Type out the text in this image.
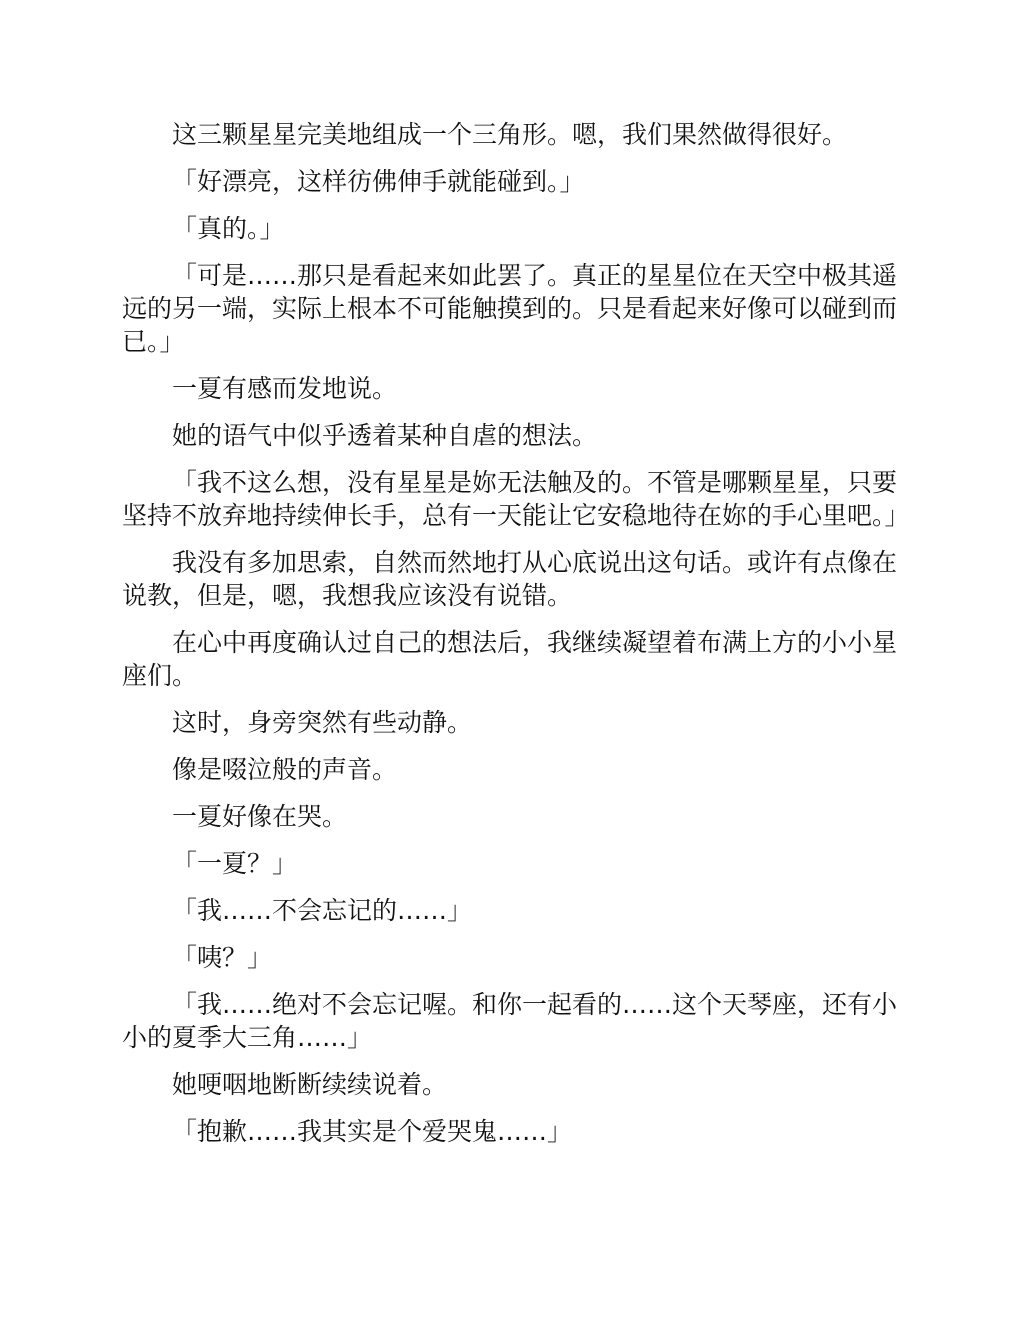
这三颗星星完美地组成一个三角形。嗯，我们果然做得很好。

「好漂亮，这样彷佛伸手就能碰到。」

「真的。」

「可是……那只是看起来如此罢了。真正的星星位在天空中极其遥远的另一端，实际上根本不可能触摸到的。只是看起来好像可以碰到而已。」

一夏有感而发地说。

她的语气中似乎透着某种自虐的想法。

「我不这么想，没有星星是妳无法触及的。不管是哪颗星星，只要坚持不放弃地持续伸长手，总有一天能让它安稳地待在妳的手心里吧。」

我没有多加思索，自然而然地打从心底说出这句话。或许有点像在说教，但是，嗯，我想我应该没有说错。

在心中再度确认过自己的想法后，我继续凝望着布满上方的小小星座们。

这时，身旁突然有些动静。

像是啜泣般的声音。

一夏好像在哭。

「一夏？」

「我……不会忘记的……」

「咦？」

「我……绝对不会忘记喔。和你一起看的……这个天琴座，还有小小的夏季大三角……」

她哽咽地断断续续说着。

「抱歉……我其实是个爱哭鬼……」
